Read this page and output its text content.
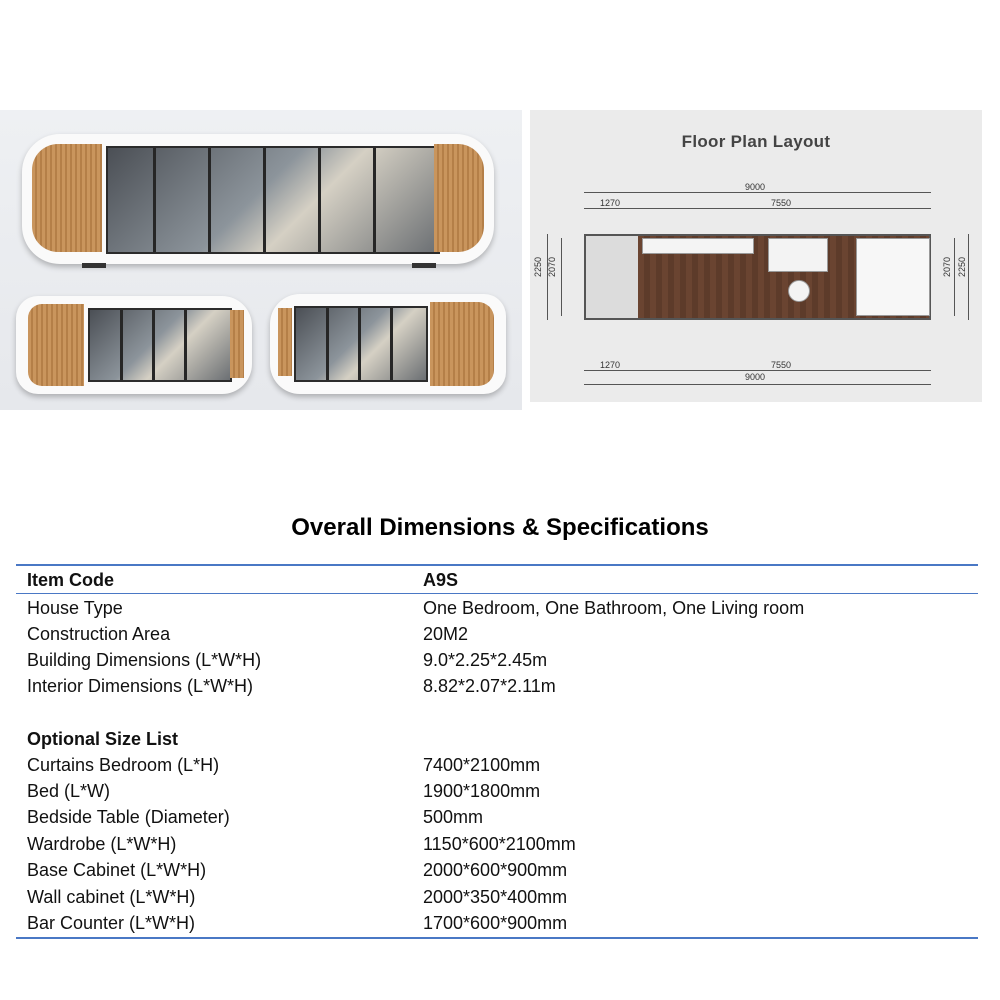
Floor Plan Layout
9000
1270	7550
1270	7550
9000
2250 2070	2070 2250
Overall Dimensions & Specifications
Item Code	A9S
House Type	One Bedroom, One Bathroom, One Living room
Construction Area	20M2
Building Dimensions (L*W*H)	9.0*2.25*2.45m
Interior Dimensions (L*W*H)	8.82*2.07*2.11m
Optional Size List
Curtains Bedroom (L*H)	7400*2100mm
Bed (L*W)	1900*1800mm
Bedside Table (Diameter)	500mm
Wardrobe (L*W*H)	1150*600*2100mm
Base Cabinet (L*W*H)	2000*600*900mm
Wall cabinet (L*W*H)	2000*350*400mm
Bar Counter (L*W*H)	1700*600*900mm
